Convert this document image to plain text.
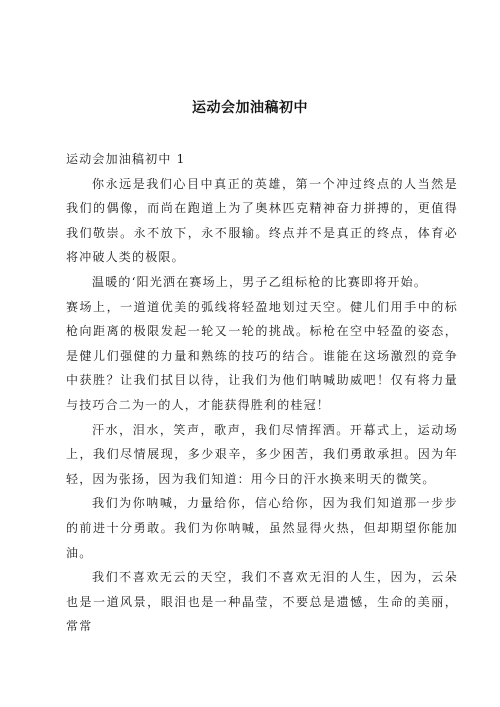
运动会加油稿初中

运动会加油稿初中 1

你永远是我们心目中真正的英雄，第一个冲过终点的人当然是我们的偶像，而尚在跑道上为了奥林匹克精神奋力拼搏的，更值得我们敬崇。永不放下，永不服输。终点并不是真正的终点，体育必将冲破人类的极限。

温暖的‘阳光洒在赛场上，男子乙组标枪的比赛即将开始。

赛场上，一道道优美的弧线将轻盈地划过天空。健儿们用手中的标枪向距离的极限发起一轮又一轮的挑战。标枪在空中轻盈的姿态，是健儿们强健的力量和熟练的技巧的结合。谁能在这场激烈的竞争中获胜？让我们拭目以待，让我们为他们呐喊助威吧！仅有将力量与技巧合二为一的人，才能获得胜利的桂冠！

汗水，泪水，笑声，歌声，我们尽情挥洒。开幕式上，运动场上，我们尽情展现，多少艰辛，多少困苦，我们勇敢承担。因为年轻，因为张扬，因为我们知道：用今日的汗水换来明天的微笑。

我们为你呐喊，力量给你，信心给你，因为我们知道那一步步的前进十分勇敢。我们为你呐喊，虽然显得火热，但却期望你能加油。

我们不喜欢无云的天空，我们不喜欢无泪的人生，因为，云朵也是一道风景，眼泪也是一种晶莹，不要总是遗憾，生命的美丽，常常
